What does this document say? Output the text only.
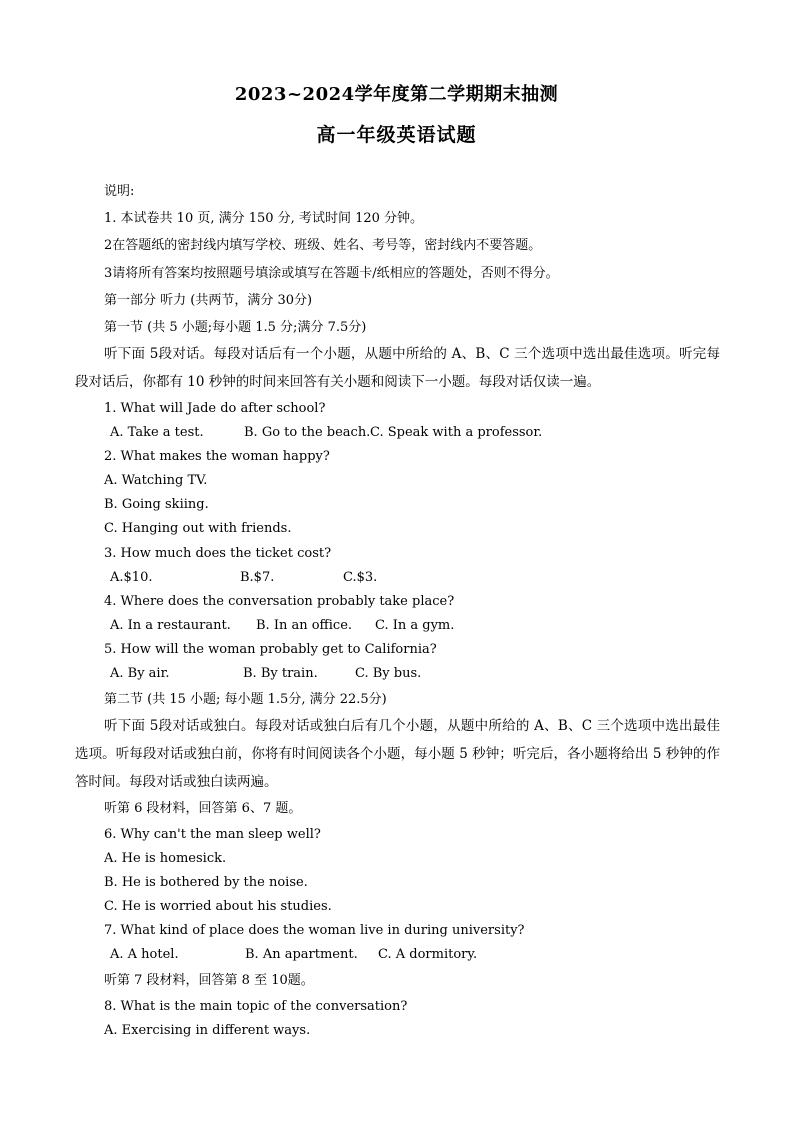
2023~2024学年度第二学期期末抽测
高一年级英语试题
说明:
1. 本试卷共 10 页, 满分 150 分, 考试时间 120 分钟。
2在答题纸的密封线内填写学校、班级、姓名、考号等，密封线内不要答题。
3请将所有答案均按照题号填涂或填写在答题卡/纸相应的答题处，否则不得分。
第一部分 听力 (共两节，满分 30分)
第一节 (共 5 小题;每小题 1.5 分;满分 7.5分)
听下面 5段对话。每段对话后有一个小题，从题中所给的 A、B、C 三个选项中选出最佳选项。听完每段对话后，你都有 10 秒钟的时间来回答有关小题和阅读下一小题。每段对话仅读一遍。
1. What will Jade do after school?
A. Take a test.	B. Go to the beach. C. Speak with a professor.
2. What makes the woman happy?
A. Watching TV.
B. Going skiing.
C. Hanging out with friends.
3. How much does the ticket cost?
A.$10.	B.$7.	C.$3.
4. Where does the conversation probably take place?
A. In a restaurant. B. In an office. C. In a gym.
5. How will the woman probably get to California?
A. By air.	B. By train.	C. By bus.
第二节 (共 15 小题; 每小题 1.5分, 满分 22.5分)
听下面 5段对话或独白。每段对话或独白后有几个小题，从题中所给的 A、B、C 三个选项中选出最佳选项。听每段对话或独白前，你将有时间阅读各个小题，每小题 5 秒钟；听完后，各小题将给出 5 秒钟的作答时间。每段对话或独白读两遍。
听第 6 段材料，回答第 6、7 题。
6. Why can't the man sleep well?
A. He is homesick.
B. He is bothered by the noise.
C. He is worried about his studies.
7. What kind of place does the woman live in during university?
A. A hotel.	B. An apartment. C. A dormitory.
听第 7 段材料，回答第 8 至 10题。
8. What is the main topic of the conversation?
A. Exercising in different ways.
